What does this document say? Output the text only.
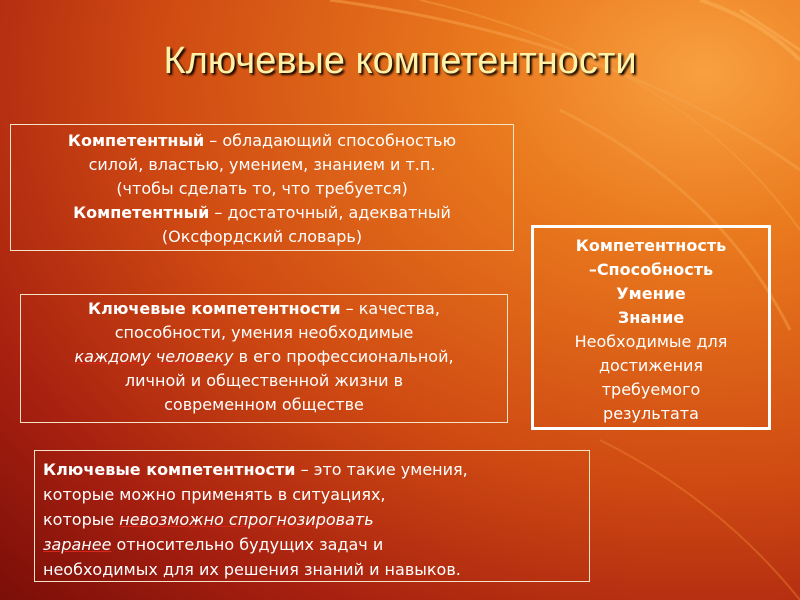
Ключевые компетентности
Компетентный – обладающий способностью
силой, властью, умением, знанием и т.п.
(чтобы сделать то, что требуется)
Компетентный – достаточный, адекватный
(Оксфордский словарь)
Ключевые компетентности – качества,
способности, умения необходимые
каждому человеку в его профессиональной,
личной и общественной жизни в
современном обществе
Ключевые компетентности – это такие умения,
которые можно применять в ситуациях,
которые невозможно спрогнозировать
заранее относительно будущих задач и
необходимых для их решения знаний и навыков.
Компетентность
–Способность
Умение
Знание
Необходимые для
достижения
требуемого
результата
